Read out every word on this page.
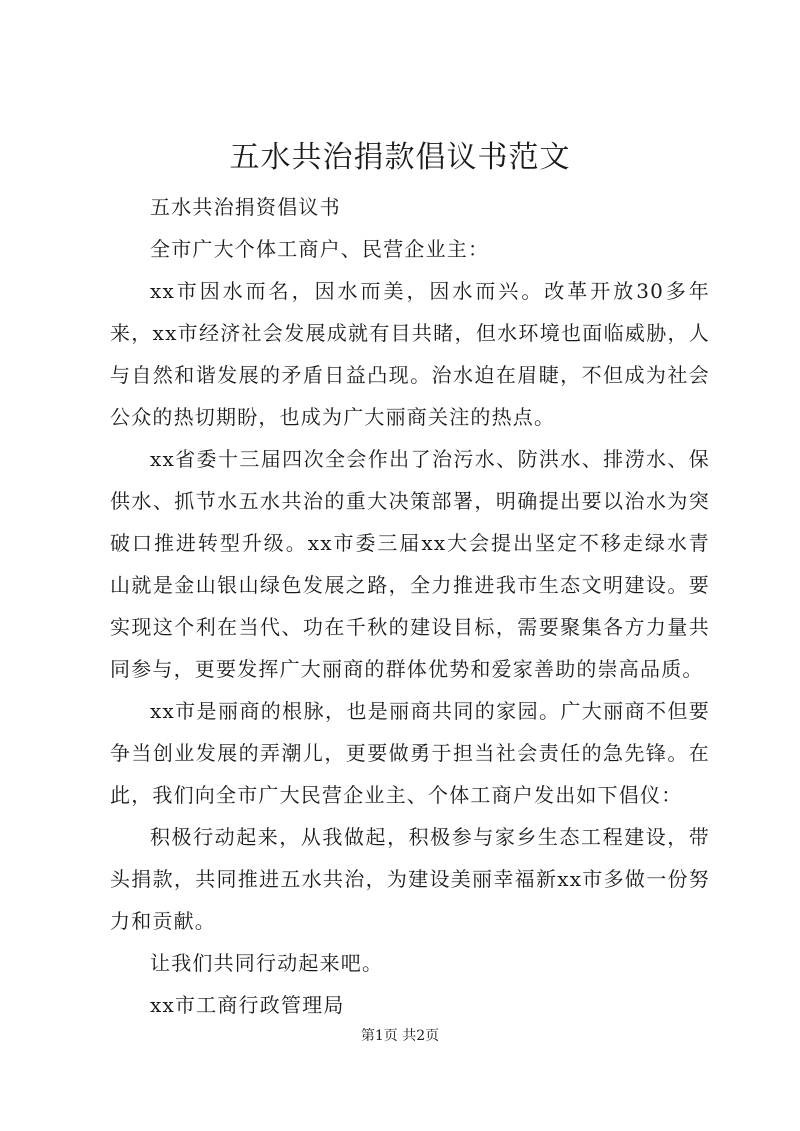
五水共治捐款倡议书范文

五水共治捐资倡议书

全市广大个体工商户、民营企业主：

xx市因水而名，因水而美，因水而兴。改革开放30多年来，xx市经济社会发展成就有目共睹，但水环境也面临威胁，人与自然和谐发展的矛盾日益凸现。治水迫在眉睫，不但成为社会公众的热切期盼，也成为广大丽商关注的热点。

xx省委十三届四次全会作出了治污水、防洪水、排涝水、保供水、抓节水五水共治的重大决策部署，明确提出要以治水为突破口推进转型升级。xx市委三届xx大会提出坚定不移走绿水青山就是金山银山绿色发展之路，全力推进我市生态文明建设。要实现这个利在当代、功在千秋的建设目标，需要聚集各方力量共同参与，更要发挥广大丽商的群体优势和爱家善助的崇高品质。

xx市是丽商的根脉，也是丽商共同的家园。广大丽商不但要争当创业发展的弄潮儿，更要做勇于担当社会责任的急先锋。在此，我们向全市广大民营企业主、个体工商户发出如下倡仪：

积极行动起来，从我做起，积极参与家乡生态工程建设，带头捐款，共同推进五水共治，为建设美丽幸福新xx市多做一份努力和贡献。

让我们共同行动起来吧。

xx市工商行政管理局

第1页 共2页
